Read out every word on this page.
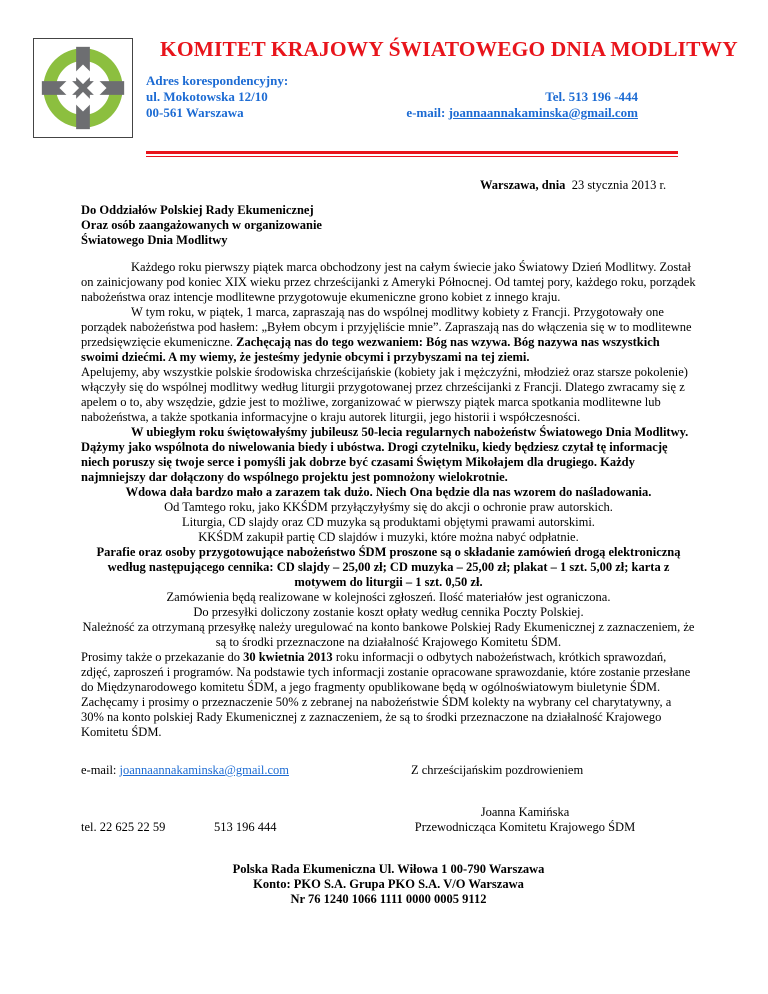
KOMITET KRAJOWY ŚWIATOWEGO DNIA MODLITWY
Adres korespondencyjny:
ul. Mokotowska 12/10
00-561 Warszawa
Tel. 513 196 -444
e-mail: joannaannakaminska@gmail.com
Warszawa, dnia 23 stycznia 2013 r.
Do Oddziałów Polskiej Rady Ekumenicznej
Oraz osób zaangażowanych w organizowanie
Światowego Dnia Modlitwy

Każdego roku pierwszy piątek marca obchodzony jest na całym świecie jako Światowy Dzień Modlitwy. Został on zainicjowany pod koniec XIX wieku przez chrześcijanki z Ameryki Północnej. Od tamtej pory, każdego roku, porządek nabożeństwa oraz intencje modlitewne przygotowuje ekumeniczne grono kobiet z innego kraju.

W tym roku, w piątek, 1 marca, zapraszają nas do wspólnej modlitwy kobiety z Francji. Przygotowały one porządek nabożeństwa pod hasłem: „Byłem obcym i przyjęliście mnie”. Zapraszają nas do włączenia się w to modlitewne przedsięwzięcie ekumeniczne. Zachęcają nas do tego wezwaniem: Bóg nas wzywa. Bóg nazywa nas wszystkich swoimi dziećmi. A my wiemy, że jesteśmy jedynie obcymi i przybyszami na tej ziemi.

Apelujemy, aby wszystkie polskie środowiska chrześcijańskie (kobiety jak i mężczyźni, młodzież oraz starsze pokolenie) włączyły się do wspólnej modlitwy według liturgii przygotowanej przez chrześcijanki z Francji. Dlatego zwracamy się z apelem o to, aby wszędzie, gdzie jest to możliwe, zorganizować w pierwszy piątek marca spotkania modlitewne lub nabożeństwa, a także spotkania informacyjne o kraju autorek liturgii, jego historii i współczesności.

W ubiegłym roku świętowałyśmy jubileusz 50-lecia regularnych nabożeństw Światowego Dnia Modlitwy. Dążymy jako wspólnota do niwelowania biedy i ubóstwa. Drogi czytelniku, kiedy będziesz czytał tę informację niech poruszy się twoje serce i pomyśli jak dobrze być czasami Świętym Mikołajem dla drugiego. Każdy najmniejszy dar dołączony do wspólnego projektu jest pomnożony wielokrotnie.

Wdowa dała bardzo mało a zarazem tak dużo. Niech Ona będzie dla nas wzorem do naśladowania.

Od Tamtego roku, jako KKŚDM przyłączyłyśmy się do akcji o ochronie praw autorskich.

Liturgia, CD slajdy oraz CD muzyka są produktami objętymi prawami autorskimi.

KKŚDM zakupił partię CD slajdów i muzyki, które można nabyć odpłatnie.

Parafie oraz osoby przygotowujące nabożeństwo ŚDM proszone są o składanie zamówień drogą elektroniczną według następującego cennika: CD slajdy – 25,00 zł; CD muzyka – 25,00 zł; plakat – 1 szt. 5,00 zł; karta z motywem do liturgii – 1 szt. 0,50 zł.

Zamówienia będą realizowane w kolejności zgłoszeń. Ilość materiałów jest ograniczona.

Do przesyłki doliczony zostanie koszt opłaty według cennika Poczty Polskiej.

Należność za otrzymaną przesyłkę należy uregulować na konto bankowe Polskiej Rady Ekumenicznej z zaznaczeniem, że są to środki przeznaczone na działalność Krajowego Komitetu ŚDM.

Prosimy także o przekazanie do 30 kwietnia 2013 roku informacji o odbytych nabożeństwach, krótkich sprawozdań, zdjęć, zaproszeń i programów. Na podstawie tych informacji zostanie opracowane sprawozdanie, które zostanie przesłane do Międzynarodowego komitetu ŚDM, a jego fragmenty opublikowane będą w ogólnoświatowym biuletynie ŚDM.

Zachęcamy i prosimy o przeznaczenie 50% z zebranej na nabożeństwie ŚDM kolekty na wybrany cel charytatywny, a 30% na konto polskiej Rady Ekumenicznej z zaznaczeniem, że są to środki przeznaczone na działalność Krajowego Komitetu ŚDM.

e-mail: joannaannakaminska@gmail.com	Z chrześcijańskim pozdrowieniem
tel. 22 625 22 59	513 196 444
Joanna Kamińska
Przewodnicząca Komitetu Krajowego ŚDM
Polska Rada Ekumeniczna Ul. Wiłowa 1 00-790 Warszawa
Konto: PKO S.A. Grupa PKO S.A. V/O Warszawa
Nr 76 1240 1066 1111 0000 0005 9112
